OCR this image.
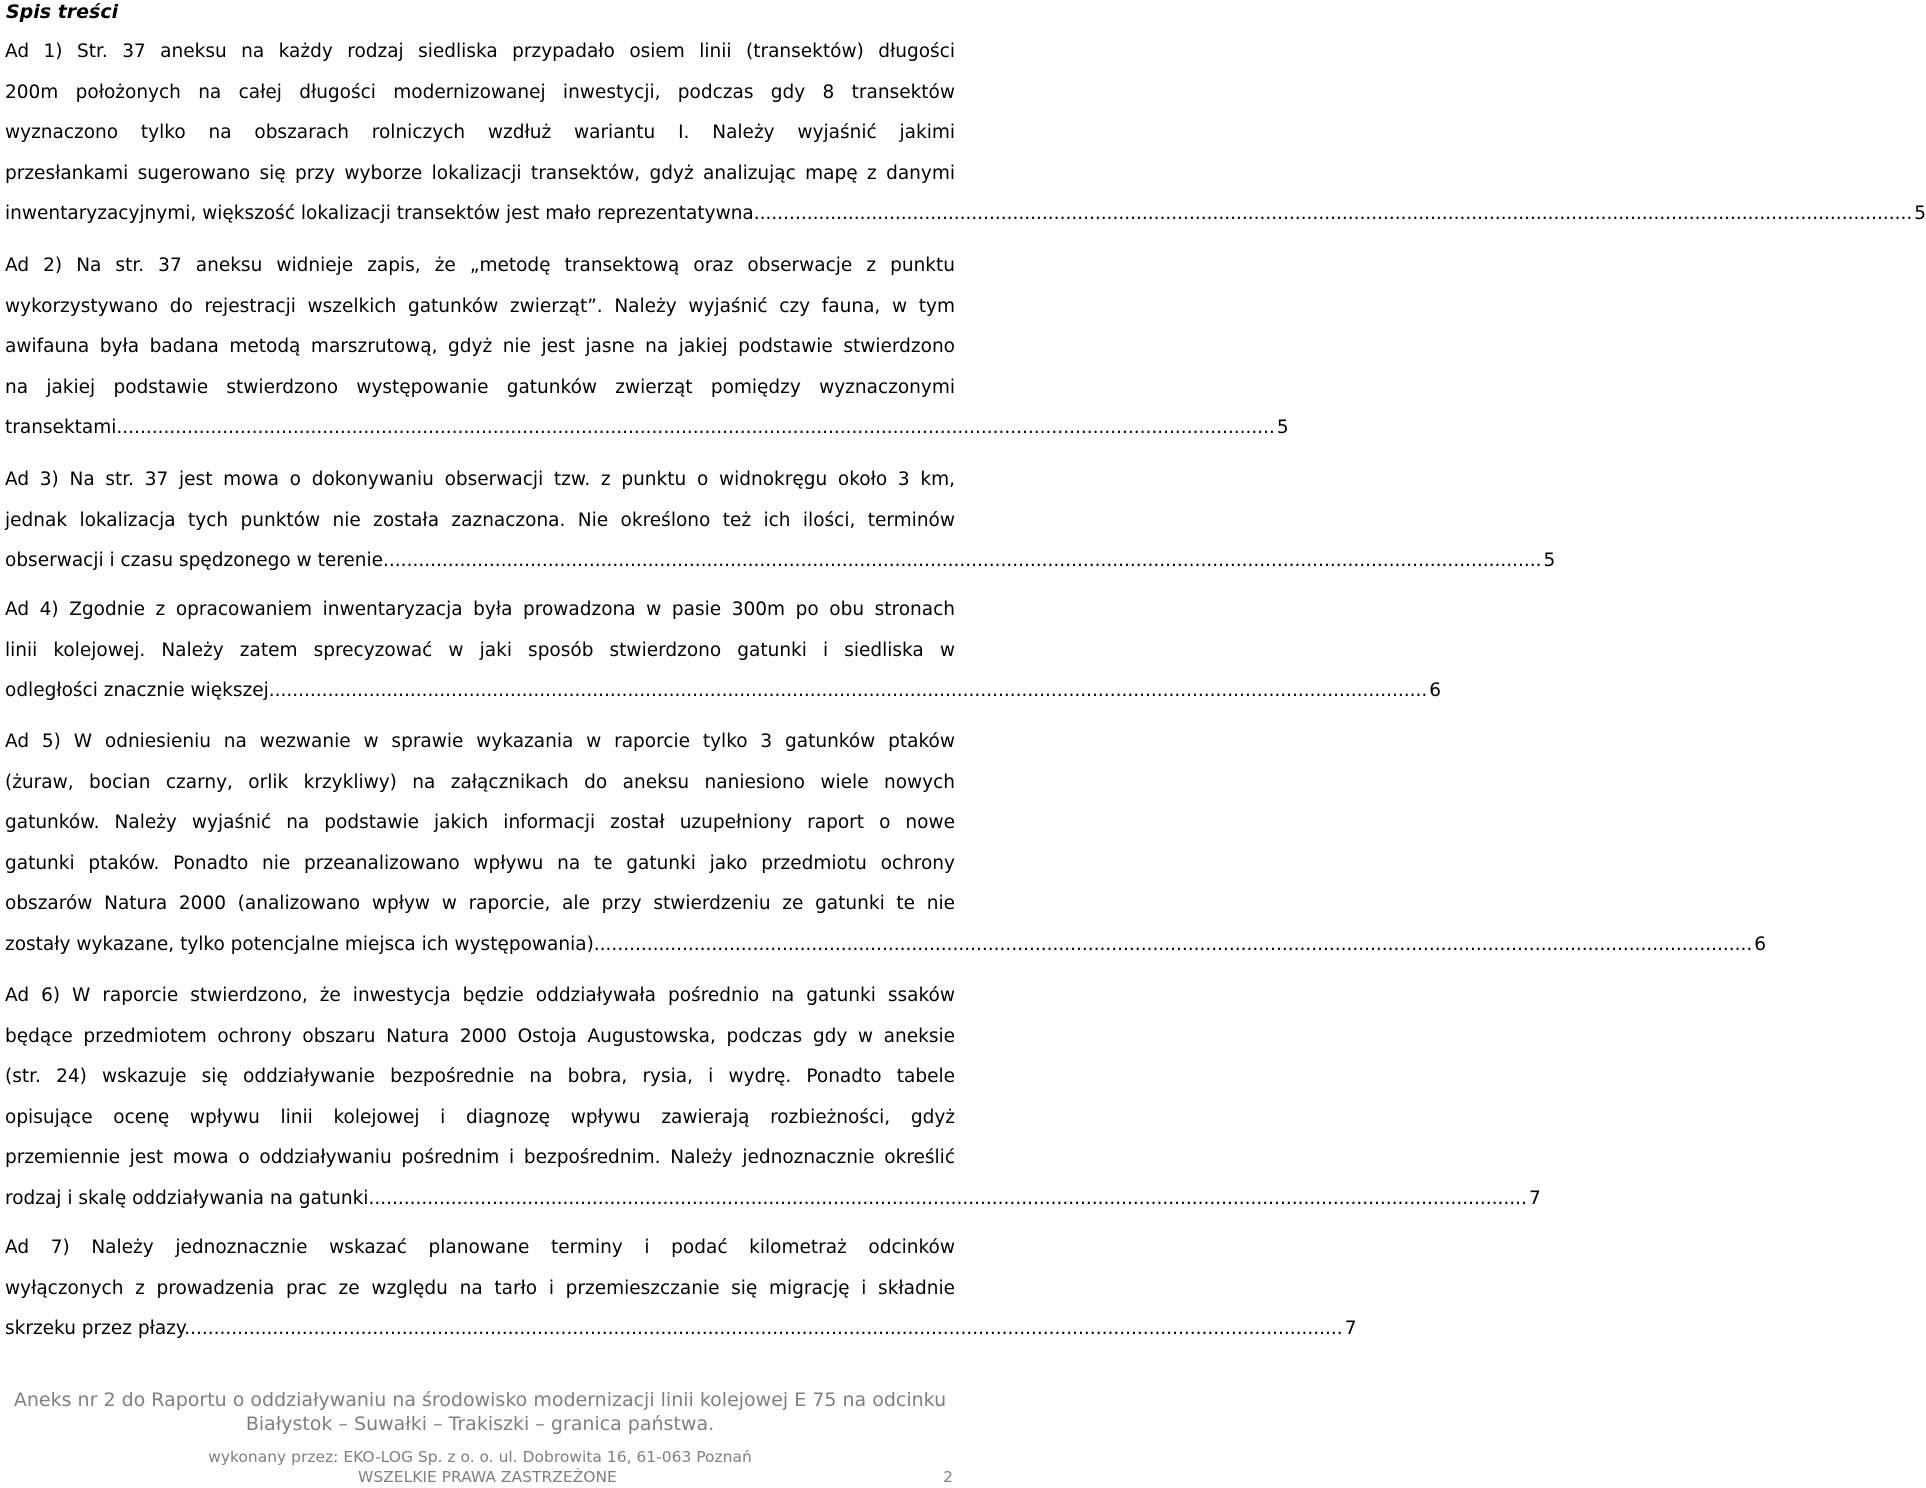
Spis treści

Ad 1) Str. 37 aneksu na każdy rodzaj siedliska przypadało osiem linii (transektów) długości
200m położonych na całej długości modernizowanej inwestycji, podczas gdy 8 transektów
wyznaczono tylko na obszarach rolniczych wzdłuż wariantu I. Należy wyjaśnić jakimi
przesłankami sugerowano się przy wyborze lokalizacji transektów, gdyż analizując mapę z danymi
inwentaryzacyjnymi, większość lokalizacji transektów jest mało reprezentatywna. .................................................................................................................................................................................................... 5
Ad 2) Na str. 37 aneksu widnieje zapis, że „metodę transektową oraz obserwacje z punktu
wykorzystywano do rejestracji wszelkich gatunków zwierząt”. Należy wyjaśnić czy fauna, w tym
awifauna była badana metodą marszrutową, gdyż nie jest jasne na jakiej podstawie stwierdzono
na jakiej podstawie stwierdzono występowanie gatunków zwierząt pomiędzy wyznaczonymi
transektami. .................................................................................................................................................................................................... 5
Ad 3) Na str. 37 jest mowa o dokonywaniu obserwacji tzw. z punktu o widnokręgu około 3 km,
jednak lokalizacja tych punktów nie została zaznaczona. Nie określono też ich ilości, terminów
obserwacji i czasu spędzonego w terenie. .................................................................................................................................................................................................... 5
Ad 4) Zgodnie z opracowaniem inwentaryzacja była prowadzona w pasie 300m po obu stronach
linii kolejowej. Należy zatem sprecyzować w jaki sposób stwierdzono gatunki i siedliska w
odległości znacznie większej. .................................................................................................................................................................................................... 6
Ad 5) W odniesieniu na wezwanie w sprawie wykazania w raporcie tylko 3 gatunków ptaków
(żuraw, bocian czarny, orlik krzykliwy) na załącznikach do aneksu naniesiono wiele nowych
gatunków. Należy wyjaśnić na podstawie jakich informacji został uzupełniony raport o nowe
gatunki ptaków. Ponadto nie przeanalizowano wpływu na te gatunki jako przedmiotu ochrony
obszarów Natura 2000 (analizowano wpływ w raporcie, ale przy stwierdzeniu ze gatunki te nie
zostały wykazane, tylko potencjalne miejsca ich występowania). .................................................................................................................................................................................................... 6
Ad 6) W raporcie stwierdzono, że inwestycja będzie oddziaływała pośrednio na gatunki ssaków
będące przedmiotem ochrony obszaru Natura 2000 Ostoja Augustowska, podczas gdy w aneksie
(str. 24) wskazuje się oddziaływanie bezpośrednie na bobra, rysia, i wydrę. Ponadto tabele
opisujące ocenę wpływu linii kolejowej i diagnozę wpływu zawierają rozbieżności, gdyż
przemiennie jest mowa o oddziaływaniu pośrednim i bezpośrednim. Należy jednoznacznie określić
rodzaj i skalę oddziaływania na gatunki. .................................................................................................................................................................................................... 7
Ad 7) Należy jednoznacznie wskazać planowane terminy i podać kilometraż odcinków
wyłączonych z prowadzenia prac ze względu na tarło i przemieszczanie się migrację i składnie
skrzeku przez płazy. .................................................................................................................................................................................................... 7
Aneks nr 2 do Raportu o oddziaływaniu na środowisko modernizacji linii kolejowej E 75 na odcinku
Białystok – Suwałki – Trakiszki – granica państwa.
wykonany przez: EKO-LOG Sp. z o. o. ul. Dobrowita 16, 61-063 Poznań
WSZELKIE PRAWA ZASTRZEŻONE	2
